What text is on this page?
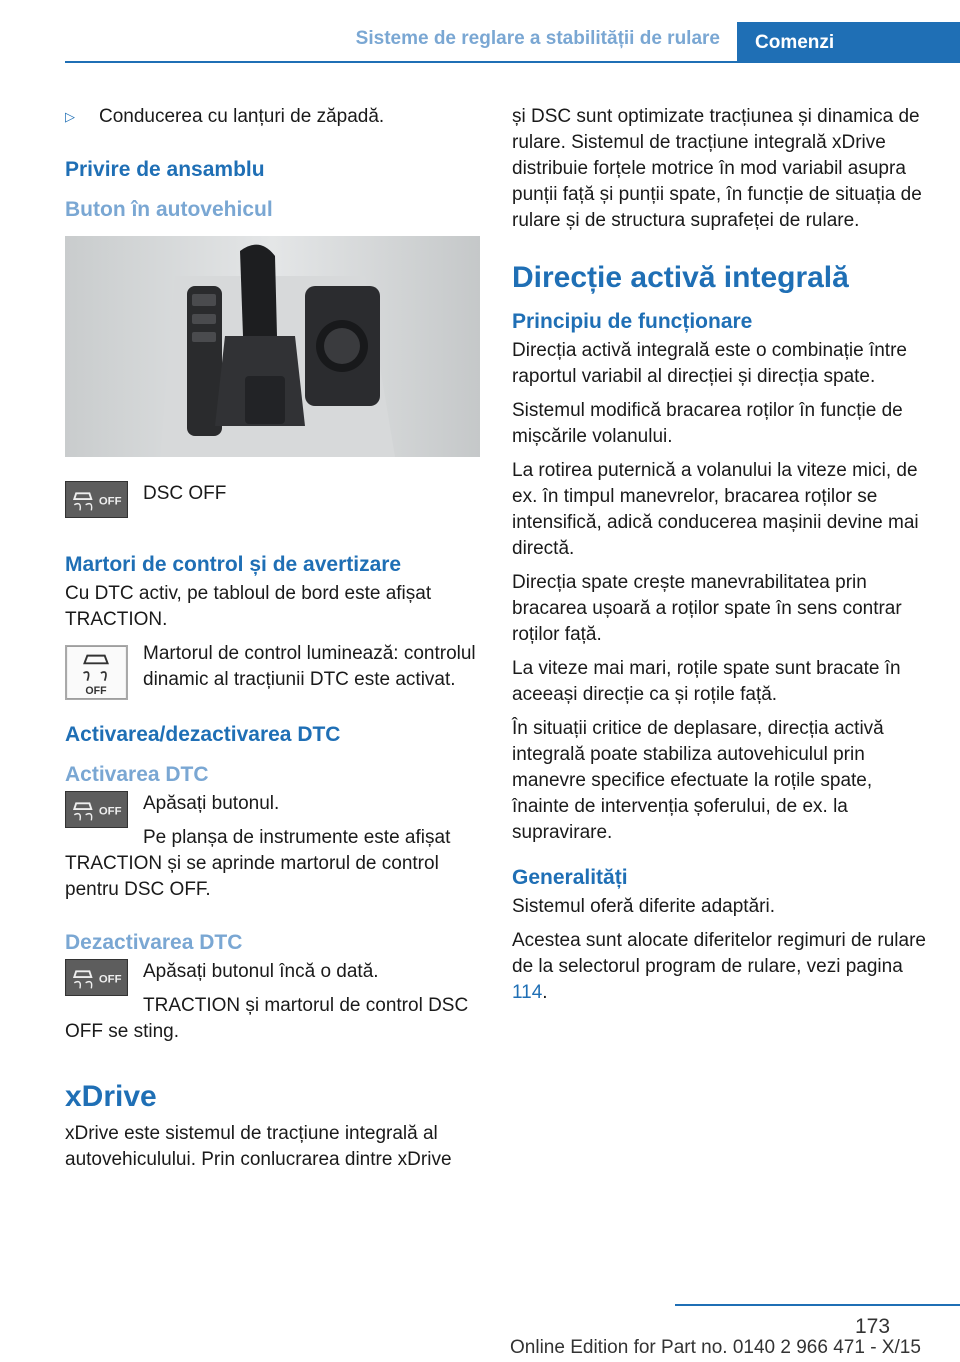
Sisteme de reglare a stabilității de rulare	Comenzi
▷	Conducerea cu lanțuri de zăpadă.
Privire de ansamblu
Buton în autovehicul
OFF	DSC OFF
Martori de control și de avertizare

Cu DTC activ, pe tabloul de bord este afișat TRACTION.

OFF
Martorul de control luminează: controlul dinamic al tracțiunii DTC este activat.
Activarea/dezactivarea DTC
Activarea DTC
OFF	Apăsați butonul.

Pe planșa de instrumente este afișat TRACTION și se aprinde martorul de control pentru DSC OFF.

Dezactivarea DTC
OFF	Apăsați butonul încă o dată.

TRACTION și martorul de control DSC OFF se sting.

xDrive

xDrive este sistemul de tracțiune integrală al autovehiculului. Prin conlucrarea dintre xDrive

și DSC sunt optimizate tracțiunea și dinamica de rulare. Sistemul de tracțiune integrală xDrive distribuie forțele motrice în mod variabil asupra punții față și punții spate, în funcție de situația de rulare și de structura suprafeței de rulare.

Direcție activă integrală
Principiu de funcționare

Direcția activă integrală este o combinație între raportul variabil al direcției și direcția spate.

Sistemul modifică bracarea roților în funcție de mișcările volanului.

La rotirea puternică a volanului la viteze mici, de ex. în timpul manevrelor, bracarea roților se intensifică, adică conducerea mașinii devine mai directă.

Direcția spate crește manevrabilitatea prin bracarea ușoară a roților spate în sens contrar roților față.

La viteze mai mari, roțile spate sunt bracate în aceeași direcție ca și roțile față.

În situații critice de deplasare, direcția activă integrală poate stabiliza autovehiculul prin manevre specifice efectuate la roțile spate, înainte de intervenția șoferului, de ex. la supravirare.

Generalități

Sistemul oferă diferite adaptări.

Acestea sunt alocate diferitelor regimuri de rulare de la selectorul program de rulare, vezi pagina 114.

173
Online Edition for Part no. 0140 2 966 471 - X/15
